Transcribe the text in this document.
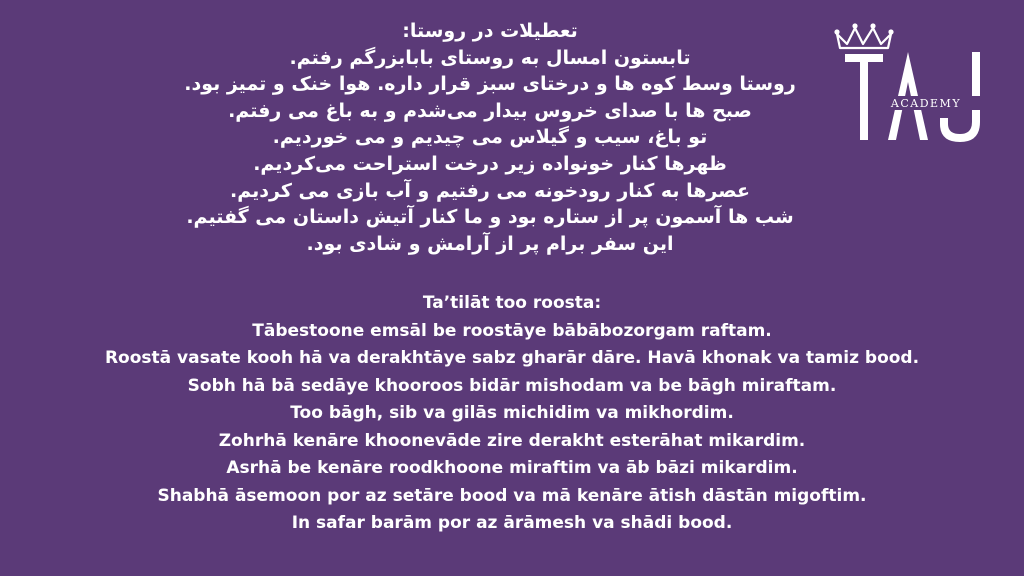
تعطیلات در روستا:
تابستون امسال به روستای بابابزرگم رفتم.
روستا وسط کوه ها و درختای سبز قرار داره. هوا خنک و تمیز بود.
صبح ها با صدای خروس بیدار می‌شدم و به باغ می رفتم.
تو باغ، سیب و گیلاس می چیدیم و می خوردیم.
ظهرها کنار خونواده زیر درخت استراحت می‌کردیم.
عصرها به کنار رودخونه می رفتیم و آب بازی می کردیم.
شب ها آسمون پر از ستاره بود و ما کنار آتیش داستان می گفتیم.
این سفر برام پر از آرامش و شادی بود.
Ta’tilāt too roosta:
Tābestoone emsāl be roostāye bābābozorgam raftam.
Roostā vasate kooh hā va derakhtāye sabz gharār dāre. Havā khonak va tamiz bood.
Sobh hā bā sedāye khooroos bidār mishodam va be bāgh miraftam.
Too bāgh, sib va gilās michidim va mikhordim.
Zohrhā kenāre khoonevāde zire derakht esterāhat mikardim.
Asrhā be kenāre roodkhoone miraftim va āb bāzi mikardim.
Shabhā āsemoon por az setāre bood va mā kenāre ātish dāstān migoftim.
In safar barām por az ārāmesh va shādi bood.
ACADEMY
